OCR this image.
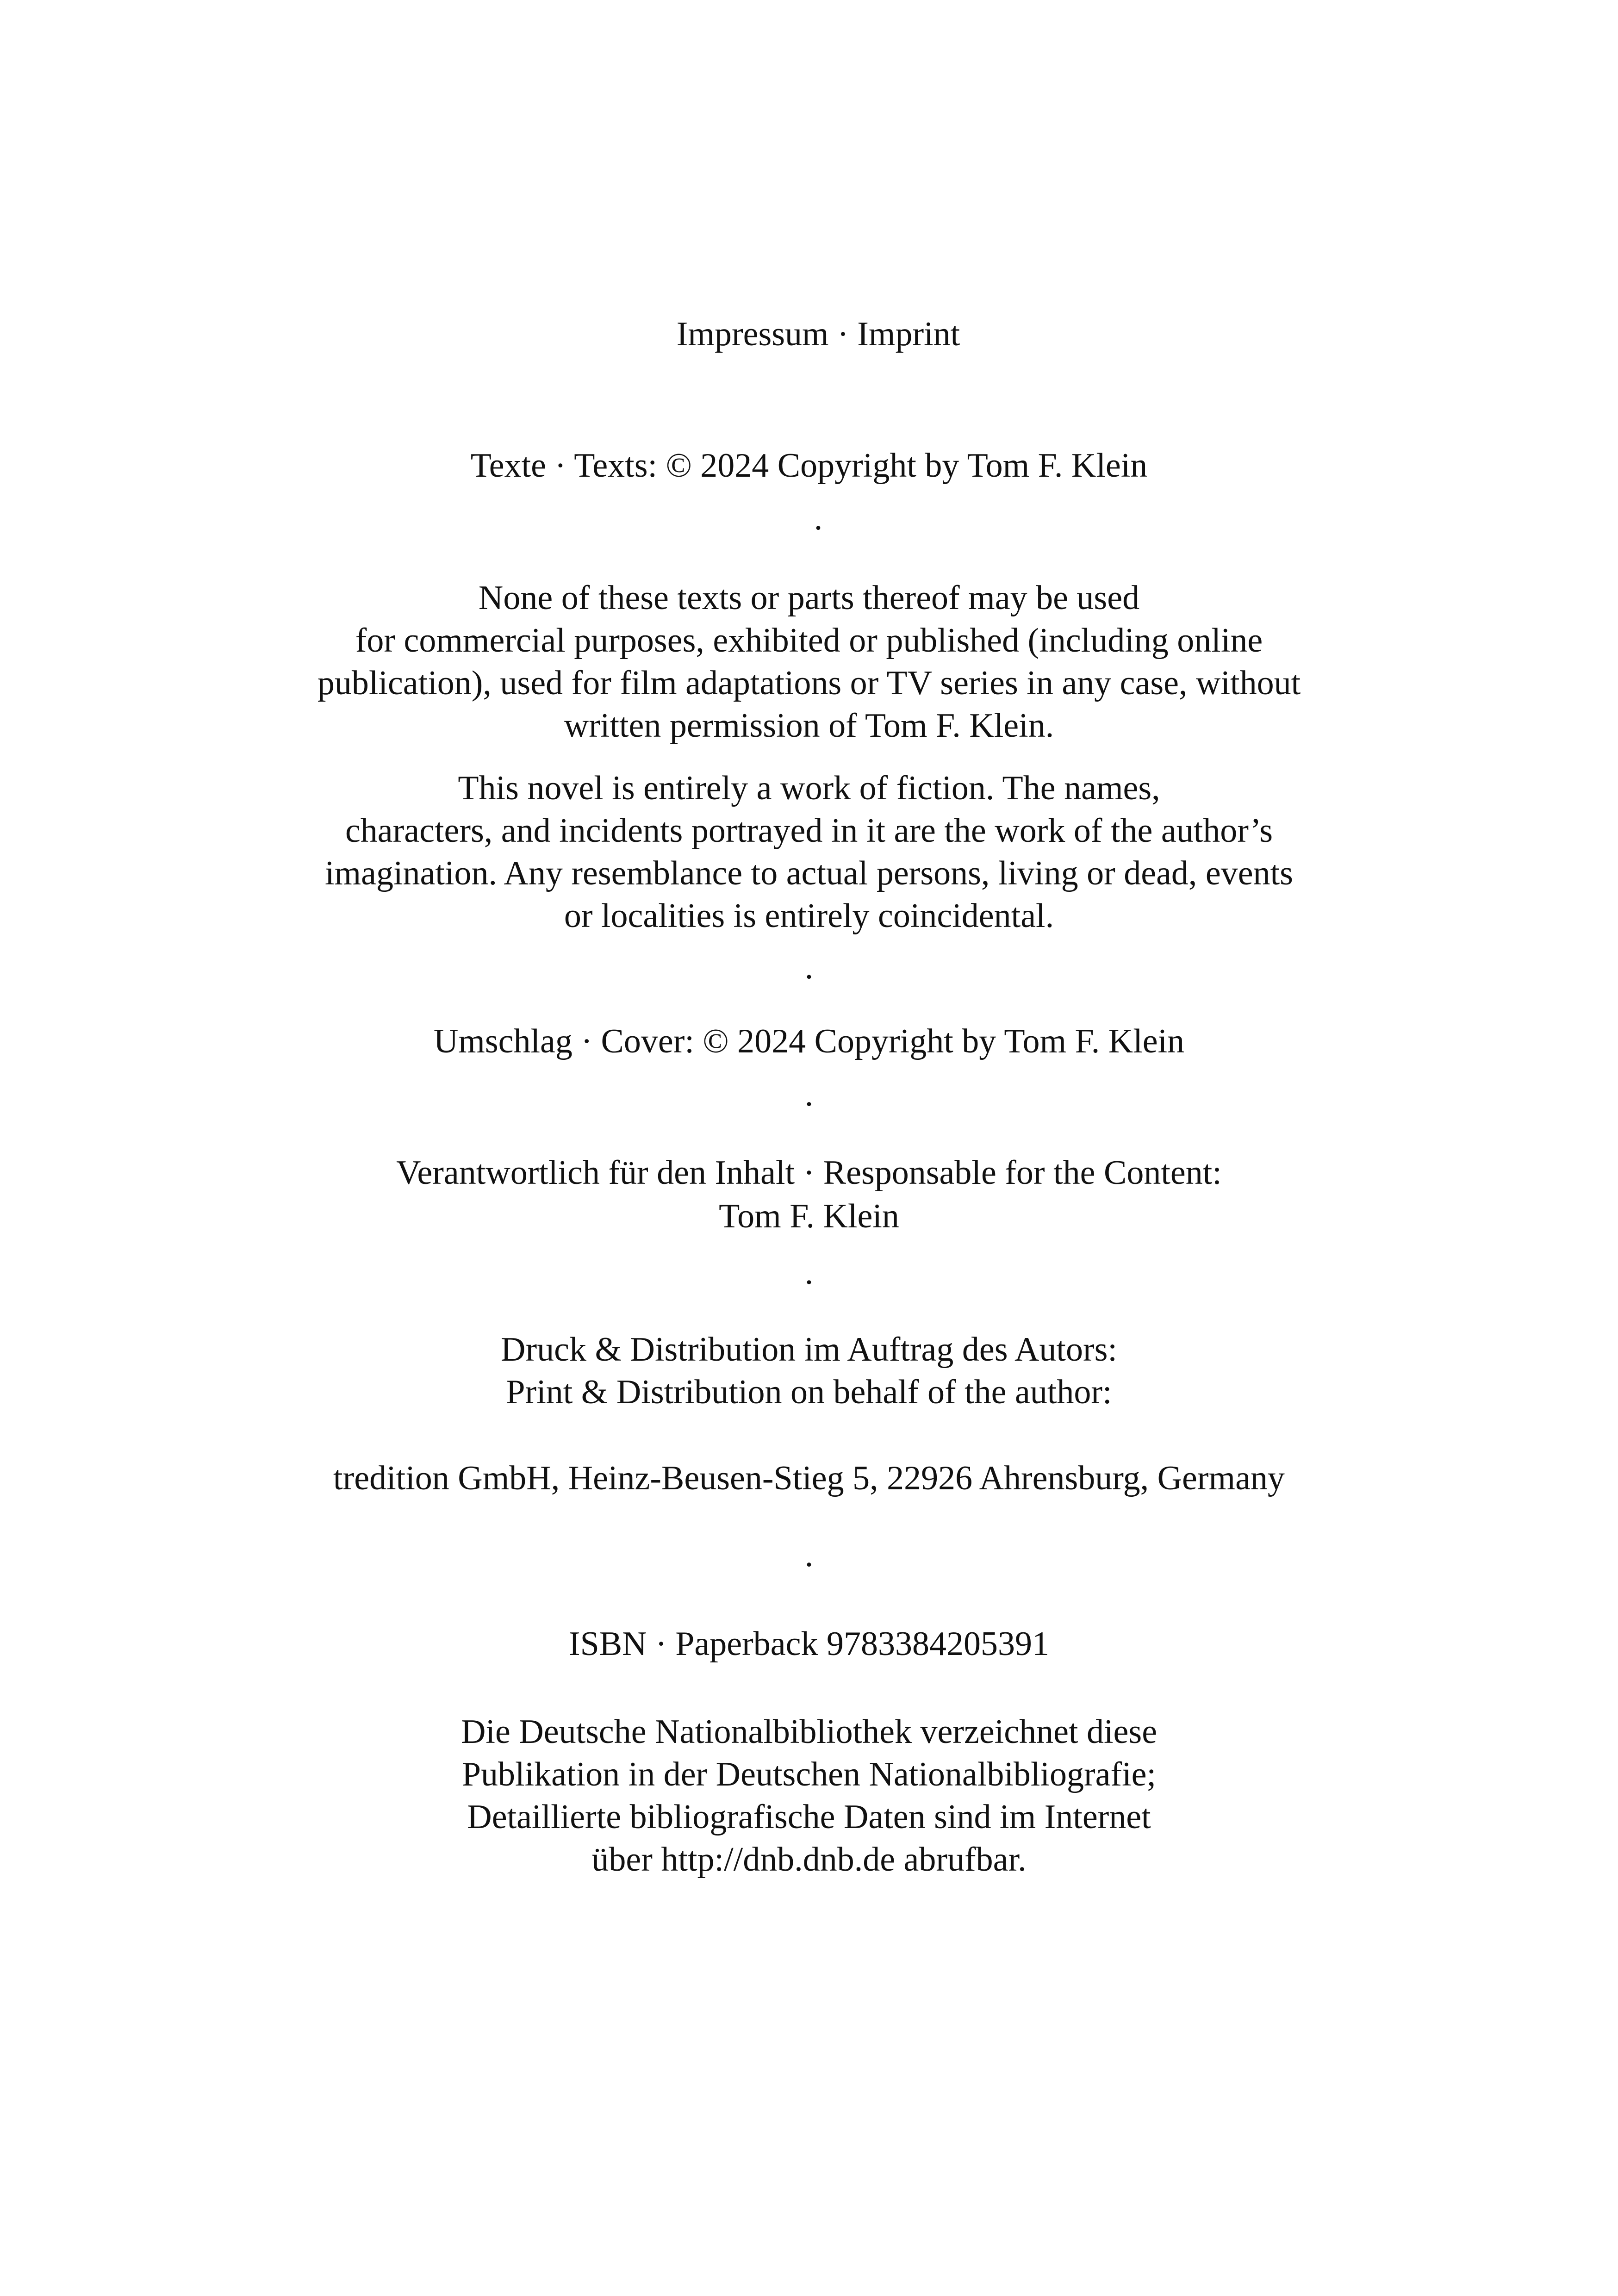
Impressum · Imprint

Texte · Texts: © 2024 Copyright by Tom F. Klein

.

None of these texts or parts thereof may be used

for commercial purposes, exhibited or published (including online

publication), used for film adaptations or TV series in any case, without

written permission of Tom F. Klein.

This novel is entirely a work of fiction. The names,

characters, and incidents portrayed in it are the work of the author’s

imagination. Any resemblance to actual persons, living or dead, events

or localities is entirely coincidental.

.

Umschlag · Cover: © 2024 Copyright by Tom F. Klein

.

Verantwortlich für den Inhalt · Responsable for the Content:

Tom F. Klein

.

Druck & Distribution im Auftrag des Autors:

Print & Distribution on behalf of the author:

tredition GmbH, Heinz-Beusen-Stieg 5, 22926 Ahrensburg, Germany

.

ISBN · Paperback 9783384205391

Die Deutsche Nationalbibliothek verzeichnet diese

Publikation in der Deutschen Nationalbibliografie;

Detaillierte bibliografische Daten sind im Internet

über http://dnb.dnb.de abrufbar.
